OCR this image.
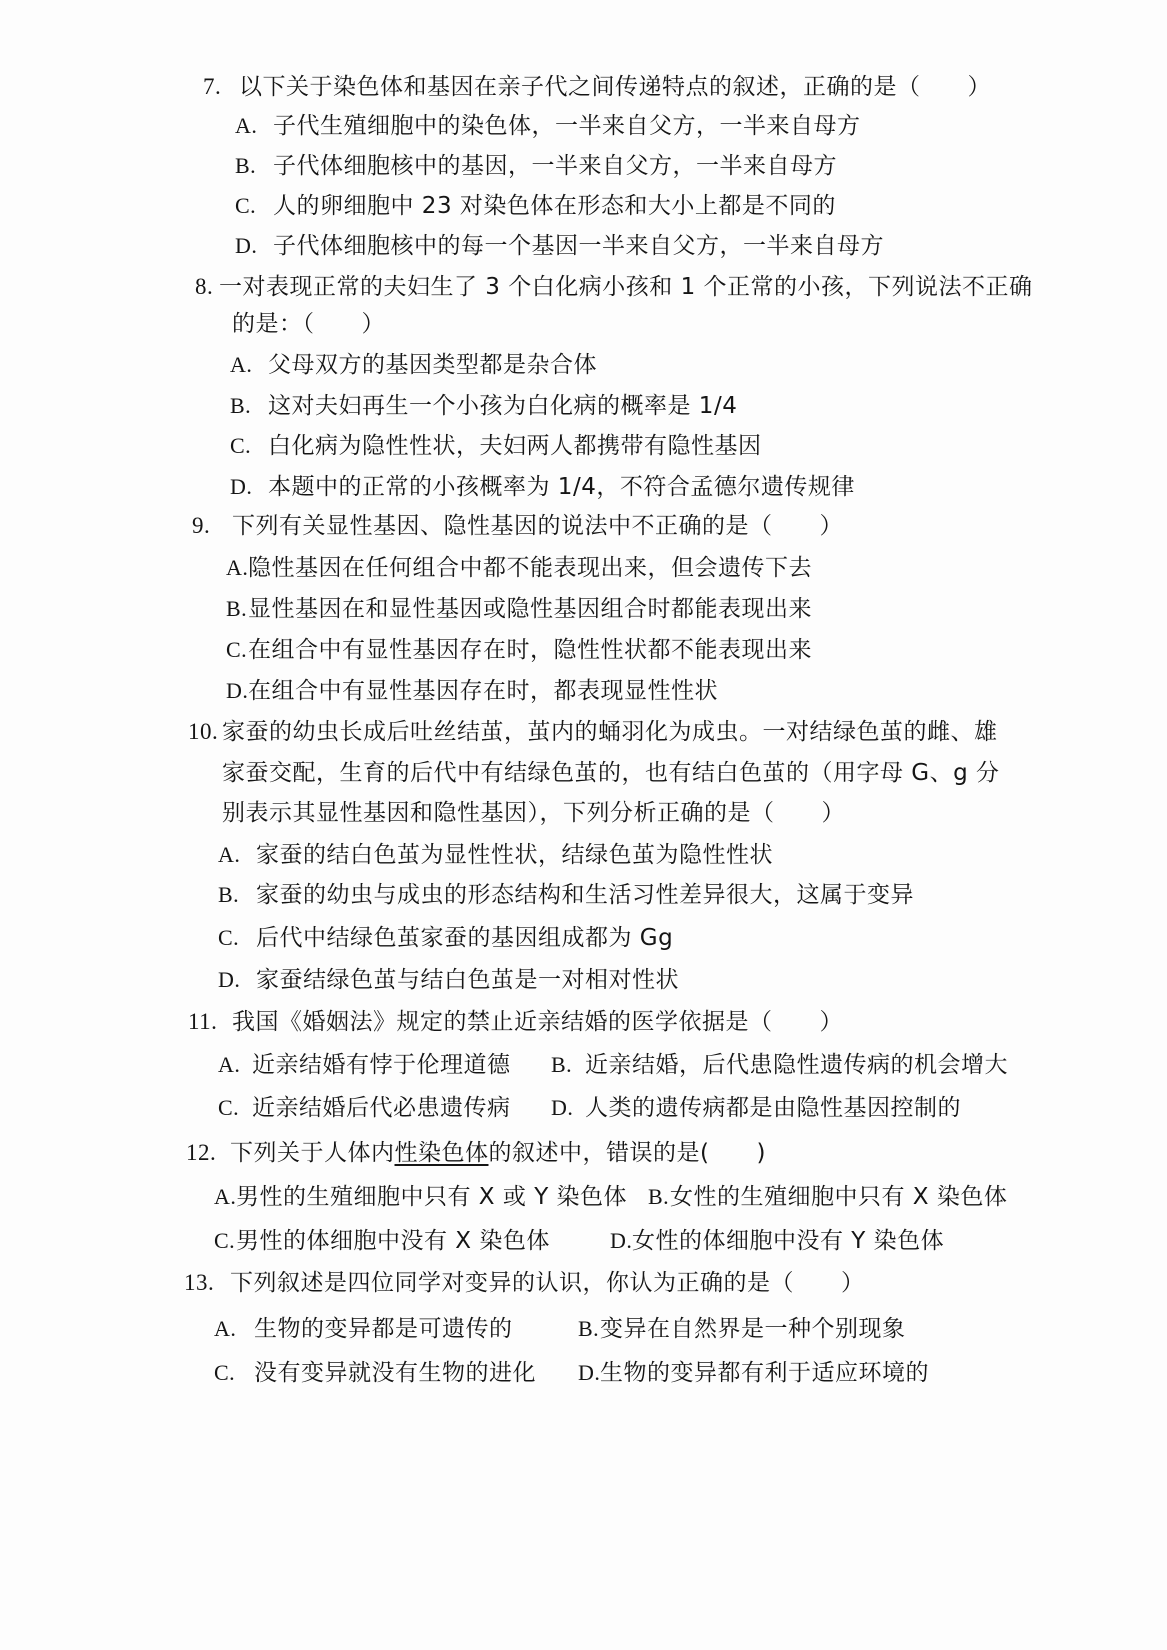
7. 以下关于染色体和基因在亲子代之间传递特点的叙述，正确的是（　　）
A. 子代生殖细胞中的染色体，一半来自父方，一半来自母方
B. 子代体细胞核中的基因，一半来自父方，一半来自母方
C. 人的卵细胞中 23 对染色体在形态和大小上都是不同的
D. 子代体细胞核中的每一个基因一半来自父方，一半来自母方
8. 一对表现正常的夫妇生了 3 个白化病小孩和 1 个正常的小孩，下列说法不正确
的是：（　　）
A. 父母双方的基因类型都是杂合体
B. 这对夫妇再生一个小孩为白化病的概率是 1/4
C. 白化病为隐性性状，夫妇两人都携带有隐性基因
D. 本题中的正常的小孩概率为 1/4，不符合孟德尔遗传规律
9. 下列有关显性基因、隐性基因的说法中不正确的是（　　）
A.隐性基因在任何组合中都不能表现出来，但会遗传下去
B.显性基因在和显性基因或隐性基因组合时都能表现出来
C.在组合中有显性基因存在时，隐性性状都不能表现出来
D.在组合中有显性基因存在时，都表现显性性状
10. 家蚕的幼虫长成后吐丝结茧，茧内的蛹羽化为成虫。一对结绿色茧的雌、雄
家蚕交配，生育的后代中有结绿色茧的，也有结白色茧的（用字母 G、g 分
别表示其显性基因和隐性基因），下列分析正确的是（　　）
A. 家蚕的结白色茧为显性性状，结绿色茧为隐性性状
B. 家蚕的幼虫与成虫的形态结构和生活习性差异很大，这属于变异
C. 后代中结绿色茧家蚕的基因组成都为 Gg
D. 家蚕结绿色茧与结白色茧是一对相对性状
11. 我国《婚姻法》规定的禁止近亲结婚的医学依据是（　　）
A. 近亲结婚有悖于伦理道德 B. 近亲结婚，后代患隐性遗传病的机会增大
C. 近亲结婚后代必患遗传病 D. 人类的遗传病都是由隐性基因控制的
12. 下列关于人体内性染色体的叙述中，错误的是(　　)
A.男性的生殖细胞中只有 X 或 Y 染色体 B.女性的生殖细胞中只有 X 染色体
C.男性的体细胞中没有 X 染色体	D.女性的体细胞中没有 Y 染色体
13. 下列叙述是四位同学对变异的认识，你认为正确的是（　　）
A. 生物的变异都是可遗传的	B.变异在自然界是一种个别现象
C. 没有变异就没有生物的进化 D.生物的变异都有利于适应环境的
